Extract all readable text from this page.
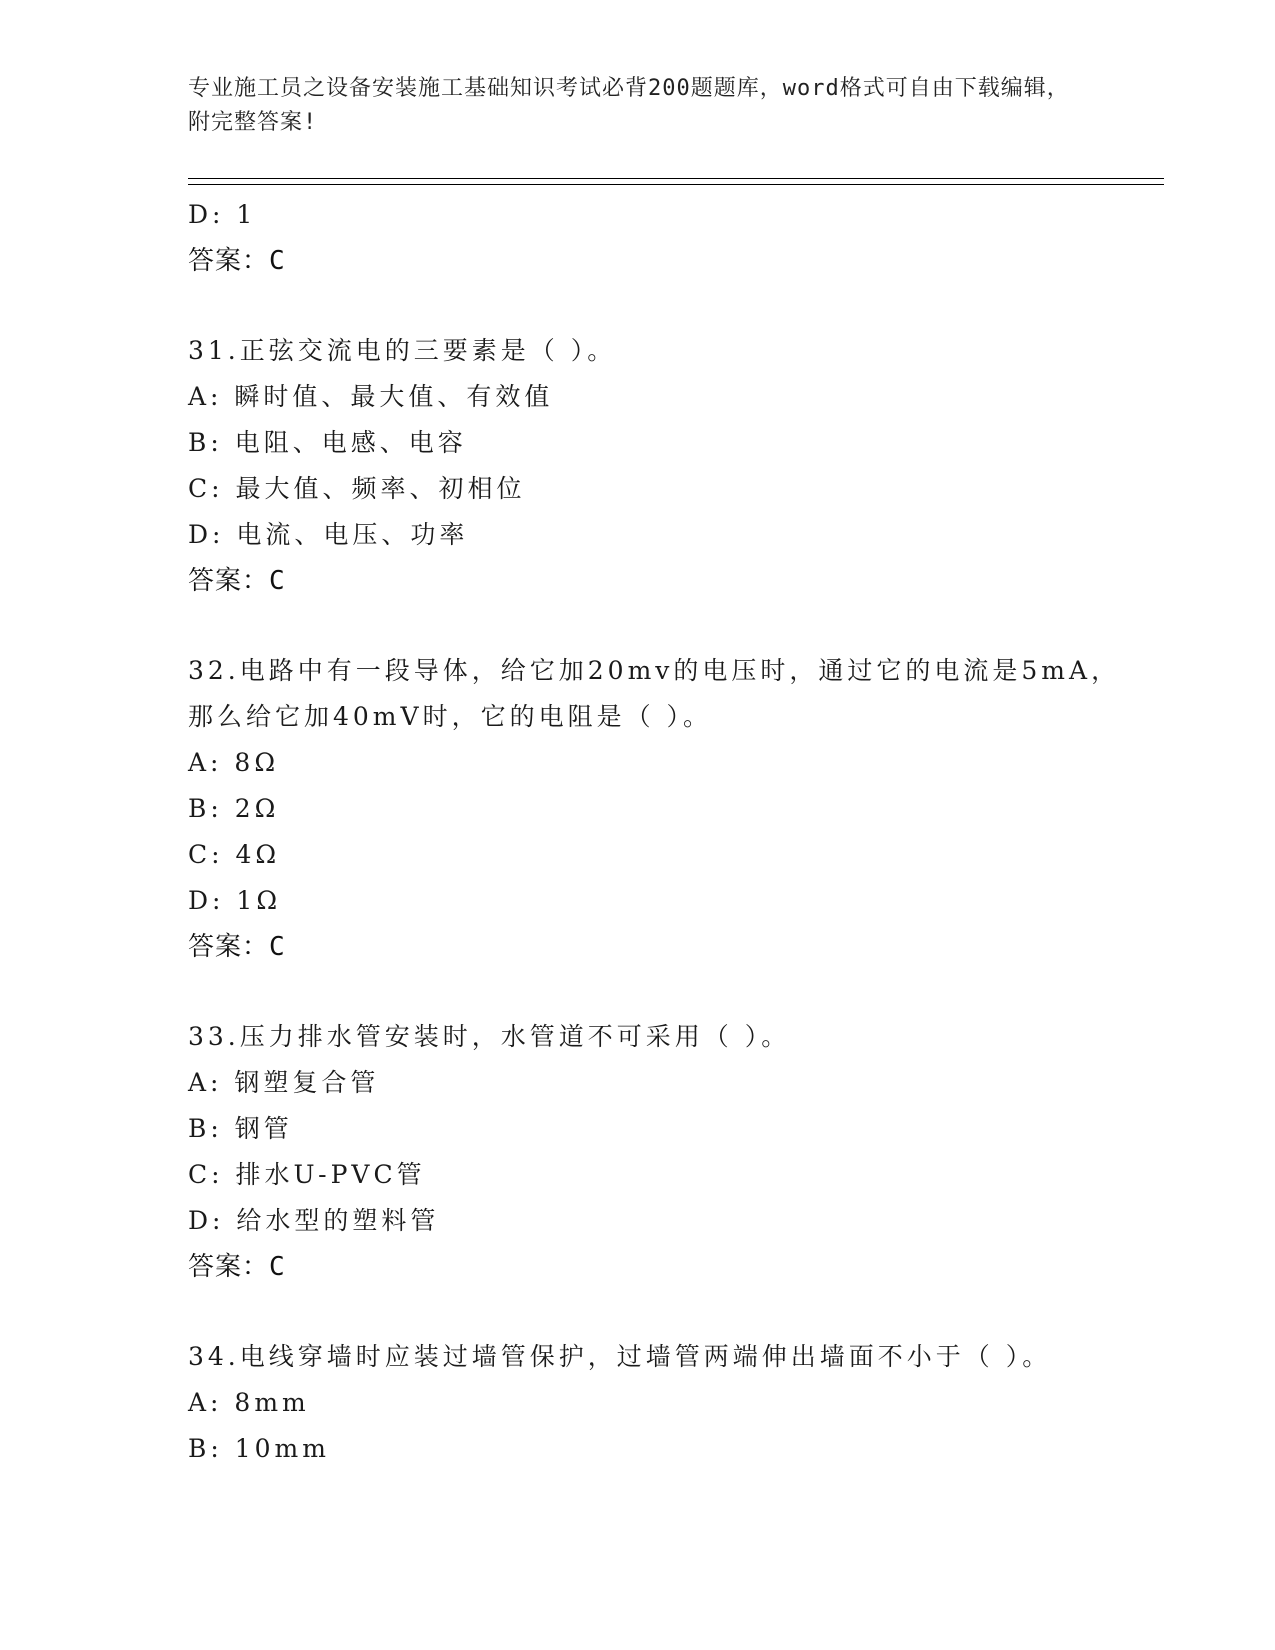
专业施工员之设备安装施工基础知识考试必背200题题库，word格式可自由下载编辑，附完整答案!
D: 1
答案：C
31.正弦交流电的三要素是（ ）。
A: 瞬时值、最大值、有效值
B: 电阻、电感、电容
C: 最大值、频率、初相位
D: 电流、电压、功率
答案：C
32.电路中有一段导体，给它加20mv的电压时，通过它的电流是5mA，那么给它加40mV时，它的电阻是（ ）。
A: 8Ω
B: 2Ω
C: 4Ω
D: 1Ω
答案：C
33.压力排水管安装时，水管道不可采用（ ）。
A: 钢塑复合管
B: 钢管
C: 排水U-PVC管
D: 给水型的塑料管
答案：C
34.电线穿墙时应装过墙管保护，过墙管两端伸出墙面不小于（ ）。
A: 8mm
B: 10mm
